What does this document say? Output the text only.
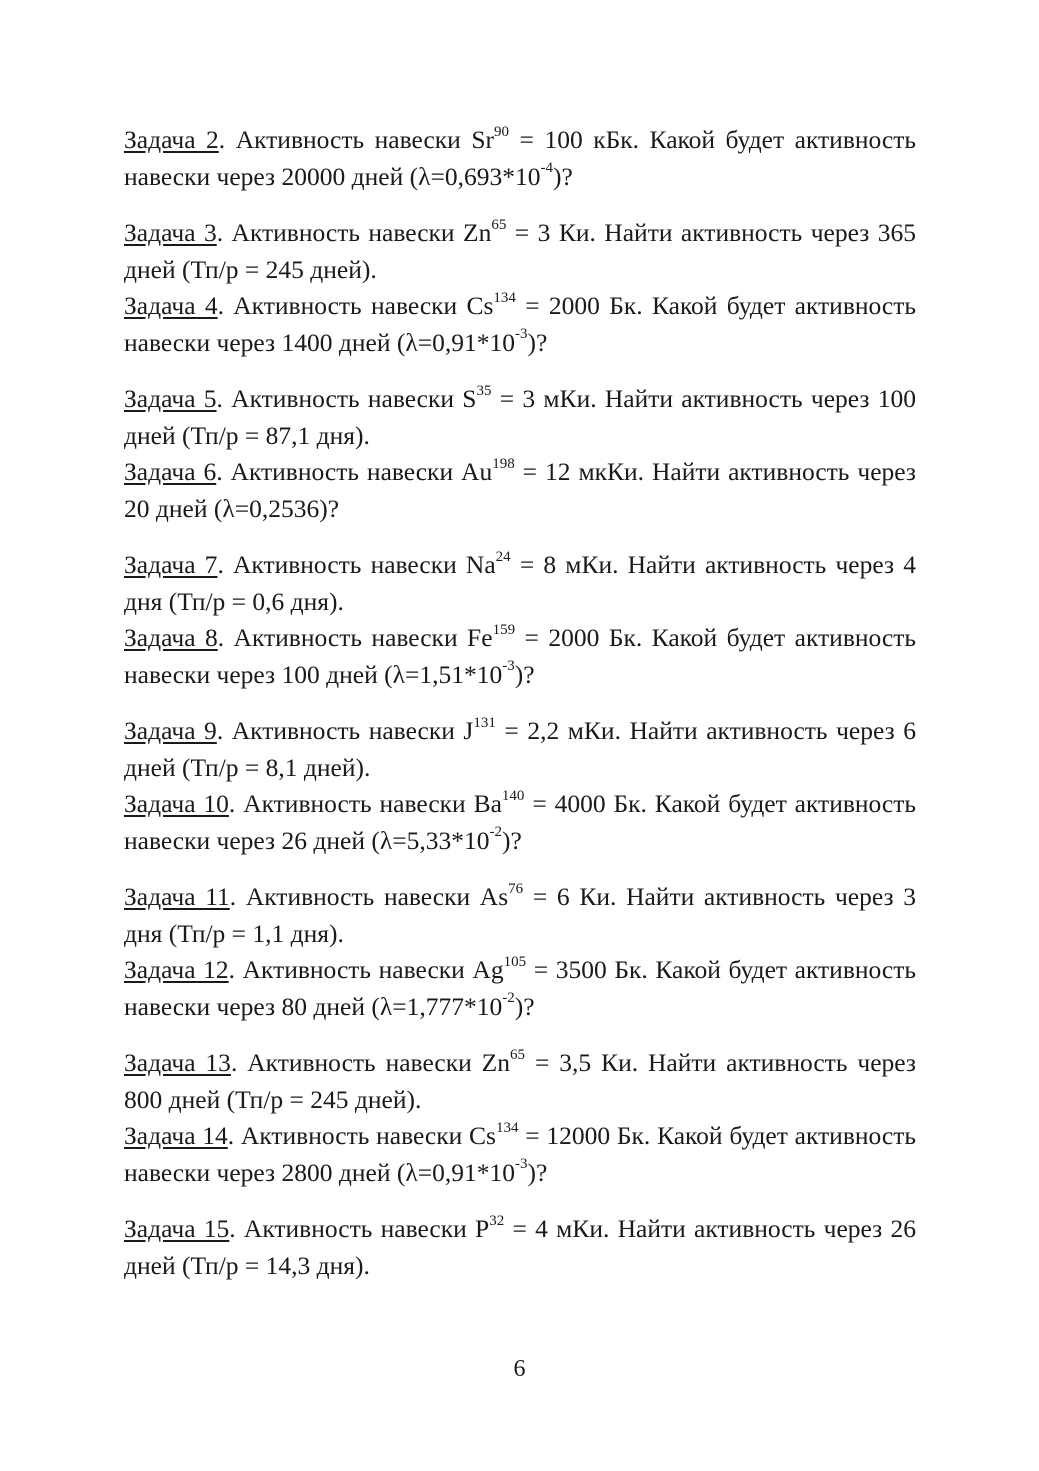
Задача 2. Активность навески $Sr^{90} = 100$ кБк. Какой будет активность навески через 20000 дней $(\lambda=0,693*10^{-4})$?

Задача 3. Активность навески $Zn^{65} = 3$ Ки. Найти активность через 365 дней (Тп/р = 245 дней).

Задача 4. Активность навески $Cs^{134} = 2000$ Бк. Какой будет активность навески через 1400 дней $(\lambda=0,91*10^{-3})$?

Задача 5. Активность навески $S^{35} = 3$ мКи. Найти активность через 100 дней (Тп/р = 87,1 дня).

Задача 6. Активность навески $Au^{198} = 12$ мкКи. Найти активность через 20 дней (λ=0,2536)?

Задача 7. Активность навески $Na^{24} = 8$ мКи. Найти активность через 4 дня (Тп/р = 0,6 дня).

Задача 8. Активность навески $Fe^{159} = 2000$ Бк. Какой будет активность навески через 100 дней $(\lambda=1,51*10^{-3})$?

Задача 9. Активность навески $J^{131} = 2,2$ мКи. Найти активность через 6 дней (Тп/р = 8,1 дней).

Задача 10. Активность навески $Ba^{140} = 4000$ Бк. Какой будет активность навески через 26 дней $(\lambda=5,33*10^{-2})$?

Задача 11. Активность навески $As^{76} = 6$ Ки. Найти активность через 3 дня (Тп/р = 1,1 дня).

Задача 12. Активность навески $Ag^{105} = 3500$ Бк. Какой будет активность навески через 80 дней $(\lambda=1,777*10^{-2})$?

Задача 13. Активность навески $Zn^{65} = 3,5$ Ки. Найти активность через 800 дней (Тп/р = 245 дней).

Задача 14. Активность навески $Cs^{134} = 12000$ Бк. Какой будет активность навески через 2800 дней $(\lambda=0,91*10^{-3})$?

Задача 15. Активность навески $P^{32} = 4$ мКи. Найти активность через 26 дней (Тп/р = 14,3 дня).

6
